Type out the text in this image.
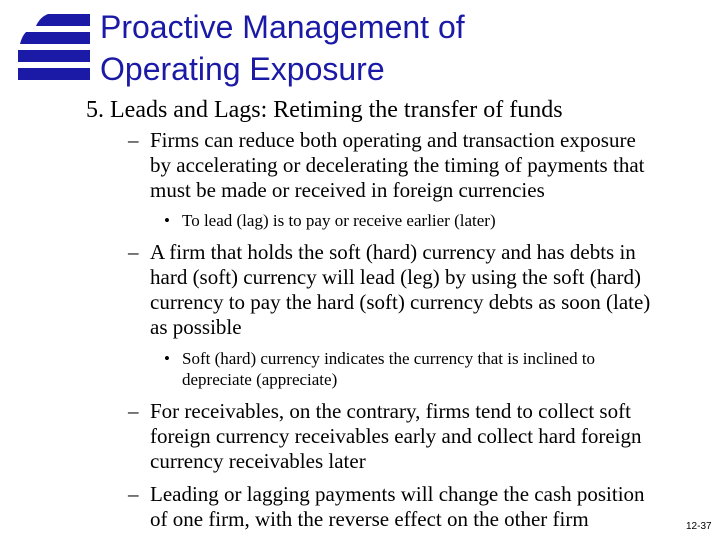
Proactive Management of
Operating Exposure
5. Leads and Lags: Retiming the transfer of funds
– Firms can reduce both operating and transaction exposure
by accelerating or decelerating the timing of payments that
must be made or received in foreign currencies
• To lead (lag) is to pay or receive earlier (later)
– A firm that holds the soft (hard) currency and has debts in
hard (soft) currency will lead (leg) by using the soft (hard)
currency to pay the hard (soft) currency debts as soon (late)
as possible
• Soft (hard) currency indicates the currency that is inclined to
depreciate (appreciate)
– For receivables, on the contrary, firms tend to collect soft
foreign currency receivables early and collect hard foreign
currency receivables later
– Leading or lagging payments will change the cash position
of one firm, with the reverse effect on the other firm	12-37
